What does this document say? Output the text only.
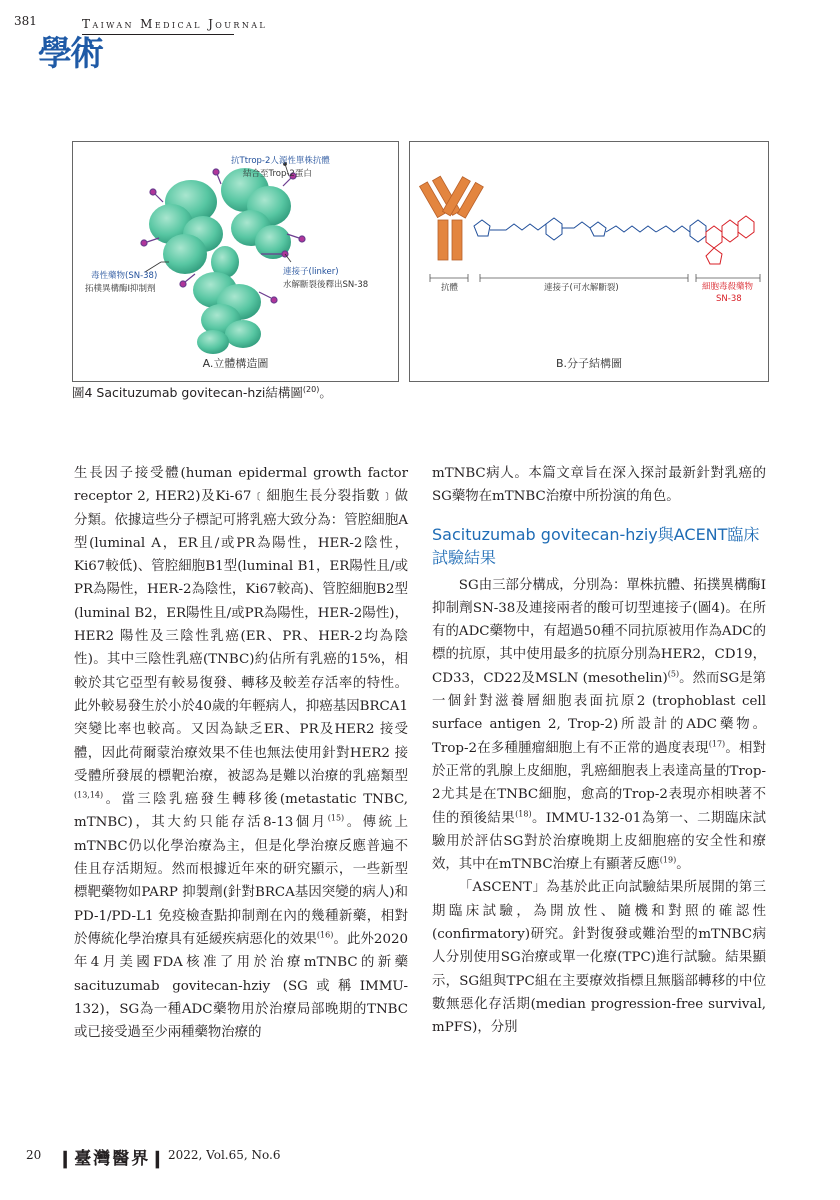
381
學術
Taiwan Medical Journal
抗Ttrop-2人源性單株抗體
結合至Trop-2蛋白
毒性藥物(SN-38)
拓樸異構酶I抑制劑
連接子(linker)
水解斷裂後釋出SN-38
A.立體構造圖
抗體	連接子(可水解斷裂)	細胞毒殺藥物
SN-38
B.分子結構圖
圖4 Sacituzumab govitecan-hzi結構圖$^{(20)}$。

生長因子接受體(human epidermal growth factor receptor 2, HER2)及Ki-67﹝細胞生長分裂指數﹞做分類。依據這些分子標記可將乳癌大致分為：管腔細胞A型(luminal A，ER且/或PR為陽性，HER-2陰性，Ki67較低)、管腔細胞B1型(luminal B1，ER陽性且/或PR為陽性，HER-2為陰性，Ki67較高)、管腔細胞B2型(luminal B2，ER陽性且/或PR為陽性，HER-2陽性)，HER2 陽性及三陰性乳癌(ER、PR、HER-2均為陰性)。其中三陰性乳癌(TNBC)約佔所有乳癌的15%，相較於其它亞型有較易復發、轉移及較差存活率的特性。此外較易發生於小於40歲的年輕病人，抑癌基因BRCA1突變比率也較高。又因為缺乏ER、PR及HER2 接受體，因此荷爾蒙治療效果不佳也無法使用針對HER2 接受體所發展的標靶治療，被認為是難以治療的乳癌類型$^{(13,14)}$。當三陰乳癌發生轉移後(metastatic TNBC, mTNBC)，其大約只能存活8-13個月$^{(15)}$。傳統上mTNBC仍以化學治療為主，但是化學治療反應普遍不佳且存活期短。然而根據近年來的研究顯示，一些新型標靶藥物如PARP 抑製劑(針對BRCA基因突變的病人)和PD-1/PD-L1 免疫檢查點抑制劑在內的幾種新藥，相對於傳統化學治療具有延緩疾病惡化的效果$^{(16)}$。此外2020年4月美國FDA核准了用於治療mTNBC的新藥sacituzumab govitecan-hziy (SG或稱IMMU-132)，SG為一種ADC藥物用於治療局部晚期的TNBC或已接受過至少兩種藥物治療的

mTNBC病人。本篇文章旨在深入探討最新針對乳癌的SG藥物在mTNBC治療中所扮演的角色。

Sacituzumab govitecan-hziy與ACENT臨床試驗結果

SG由三部分構成，分別為：單株抗體、拓撲異構酶I抑制劑SN-38及連接兩者的酸可切型連接子(圖4)。在所有的ADC藥物中，有超過50種不同抗原被用作為ADC的標的抗原，其中使用最多的抗原分別為HER2，CD19，CD33，CD22及MSLN (mesothelin)$^{(5)}$。然而SG是第一個針對滋養層細胞表面抗原2 (trophoblast cell surface antigen 2, Trop-2)所設計的ADC藥物。Trop-2在多種腫瘤細胞上有不正常的過度表現$^{(17)}$。相對於正常的乳腺上皮細胞，乳癌細胞表上表達高量的Trop-2尤其是在TNBC細胞，愈高的Trop-2表現亦相映著不佳的預後結果$^{(18)}$。IMMU-132-01為第一、二期臨床試驗用於評估SG對於治療晚期上皮細胞癌的安全性和療效，其中在mTNBC治療上有顯著反應$^{(19)}$。

「ASCENT」為基於此正向試驗結果所展開的第三期臨床試驗，為開放性、隨機和對照的確認性(confirmatory)研究。針對復發或難治型的mTNBC病人分別使用SG治療或單一化療(TPC)進行試驗。結果顯示，SG組與TPC組在主要療效指標且無腦部轉移的中位數無惡化存活期(median progression-free survival, mPFS)，分別

20 ❙臺灣醫界❙ 2022, Vol.65, No.6
